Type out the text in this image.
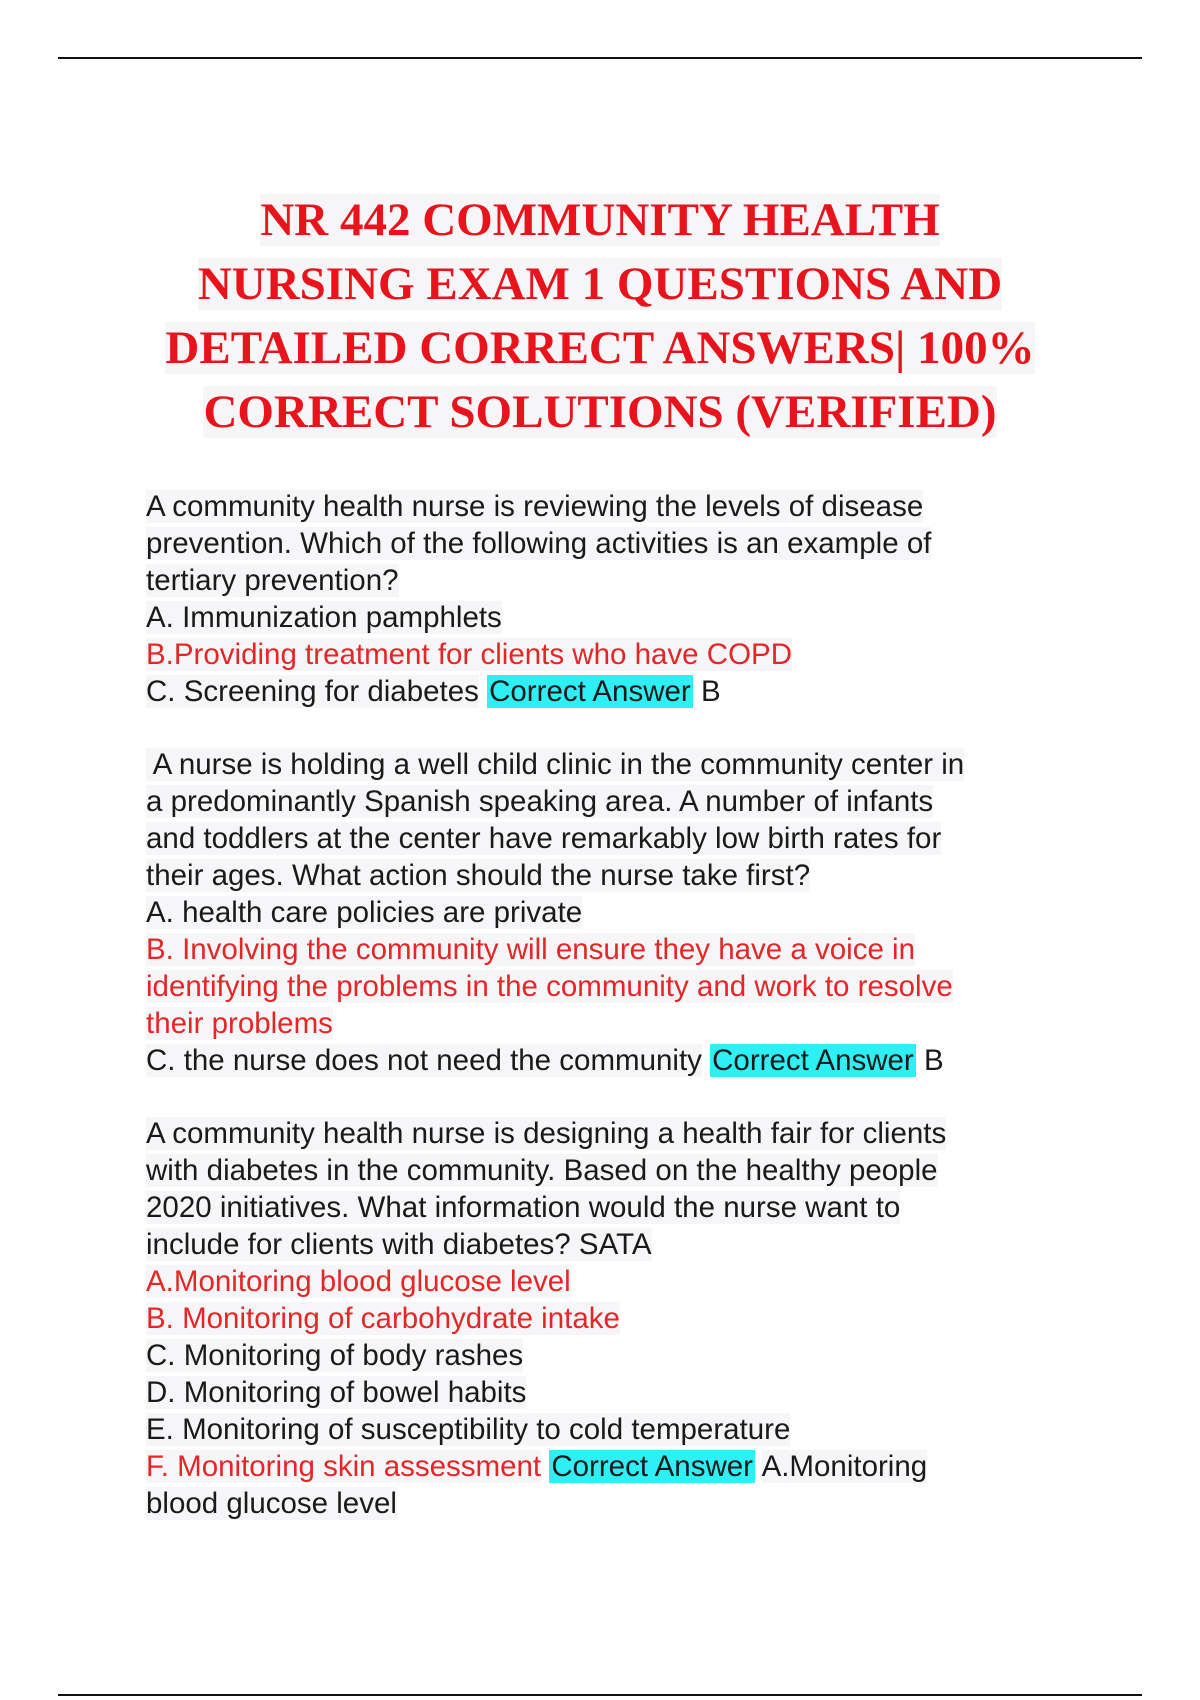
NR 442 COMMUNITY HEALTH
NURSING EXAM 1 QUESTIONS AND
DETAILED CORRECT ANSWERS| 100%
CORRECT SOLUTIONS (VERIFIED)
A community health nurse is reviewing the levels of disease
prevention. Which of the following activities is an example of
tertiary prevention?
A. Immunization pamphlets
B.Providing treatment for clients who have COPD
C. Screening for diabetes Correct Answer B
A nurse is holding a well child clinic in the community center in
a predominantly Spanish speaking area. A number of infants
and toddlers at the center have remarkably low birth rates for
their ages. What action should the nurse take first?
A. health care policies are private
B. Involving the community will ensure they have a voice in
identifying the problems in the community and work to resolve
their problems
C. the nurse does not need the community Correct Answer B
A community health nurse is designing a health fair for clients
with diabetes in the community. Based on the healthy people
2020 initiatives. What information would the nurse want to
include for clients with diabetes? SATA
A.Monitoring blood glucose level
B. Monitoring of carbohydrate intake
C. Monitoring of body rashes
D. Monitoring of bowel habits
E. Monitoring of susceptibility to cold temperature
F. Monitoring skin assessment Correct Answer A.Monitoring
blood glucose level
